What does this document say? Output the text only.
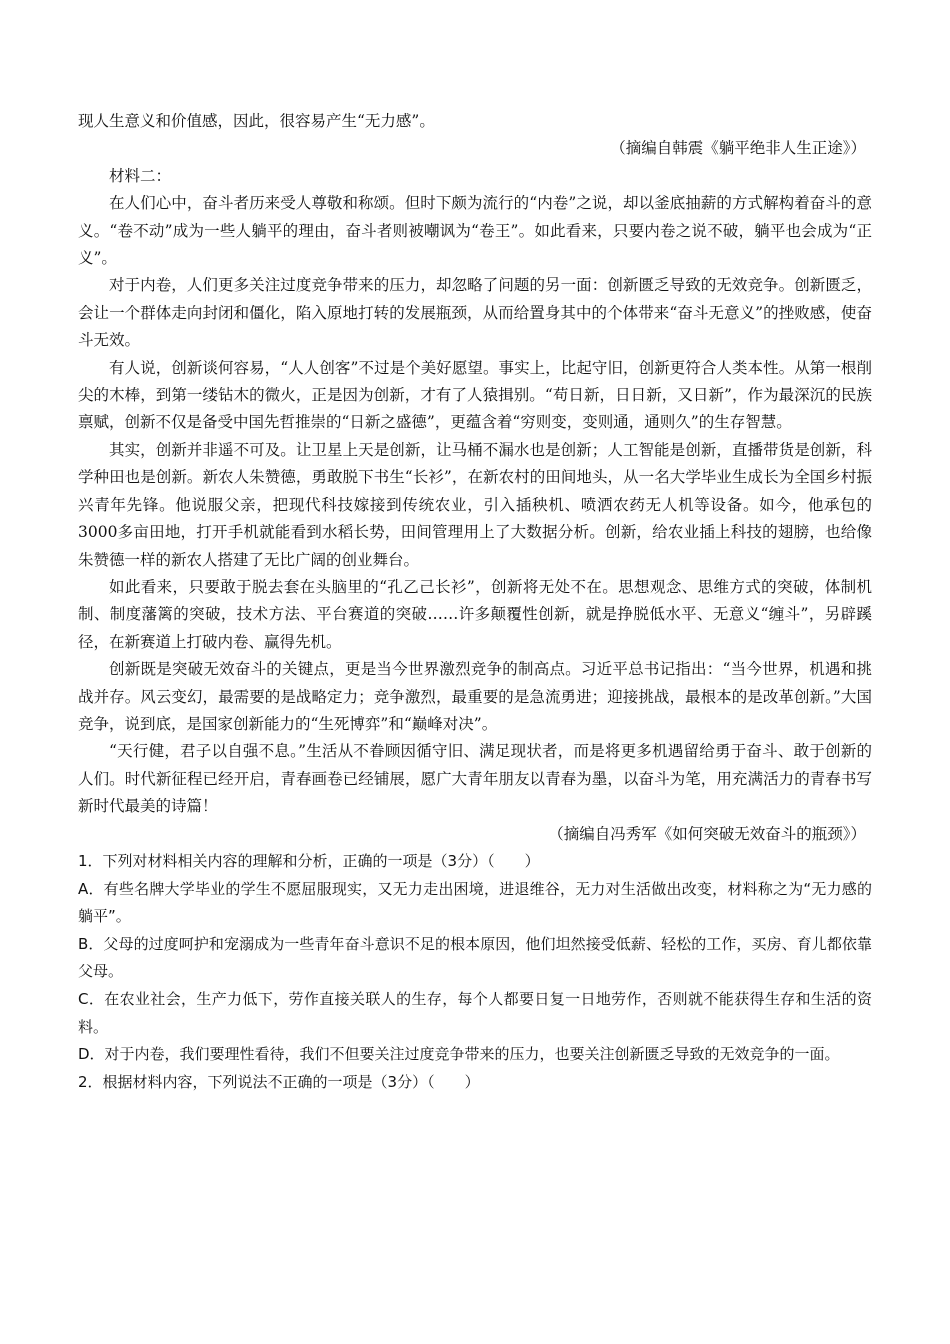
现人生意义和价值感，因此，很容易产生“无力感”。

（摘编自韩震《躺平绝非人生正途》）

材料二：

在人们心中，奋斗者历来受人尊敬和称颂。但时下颇为流行的“内卷”之说，却以釜底抽薪的方式解构着奋斗的意义。“卷不动”成为一些人躺平的理由，奋斗者则被嘲讽为“卷王”。如此看来，只要内卷之说不破，躺平也会成为“正义”。

对于内卷，人们更多关注过度竞争带来的压力，却忽略了问题的另一面：创新匮乏导致的无效竞争。创新匮乏，会让一个群体走向封闭和僵化，陷入原地打转的发展瓶颈，从而给置身其中的个体带来“奋斗无意义”的挫败感，使奋斗无效。

有人说，创新谈何容易，“人人创客”不过是个美好愿望。事实上，比起守旧，创新更符合人类本性。从第一根削尖的木棒，到第一缕钻木的微火，正是因为创新，才有了人猿揖别。“苟日新，日日新，又日新”，作为最深沉的民族禀赋，创新不仅是备受中国先哲推崇的“日新之盛德”，更蕴含着“穷则变，变则通，通则久”的生存智慧。

其实，创新并非遥不可及。让卫星上天是创新，让马桶不漏水也是创新；人工智能是创新，直播带货是创新，科学种田也是创新。新农人朱赞德，勇敢脱下书生“长衫”，在新农村的田间地头，从一名大学毕业生成长为全国乡村振兴青年先锋。他说服父亲，把现代科技嫁接到传统农业，引入插秧机、喷洒农药无人机等设备。如今，他承包的3000多亩田地，打开手机就能看到水稻长势，田间管理用上了大数据分析。创新，给农业插上科技的翅膀，也给像朱赞德一样的新农人搭建了无比广阔的创业舞台。

如此看来，只要敢于脱去套在头脑里的“孔乙己长衫”，创新将无处不在。思想观念、思维方式的突破，体制机制、制度藩篱的突破，技术方法、平台赛道的突破……许多颠覆性创新，就是挣脱低水平、无意义“缠斗”，另辟蹊径，在新赛道上打破内卷、赢得先机。

创新既是突破无效奋斗的关键点，更是当今世界激烈竞争的制高点。习近平总书记指出：“当今世界，机遇和挑战并存。风云变幻，最需要的是战略定力；竞争激烈，最重要的是急流勇进；迎接挑战，最根本的是改革创新。”大国竞争，说到底，是国家创新能力的“生死博弈”和“巅峰对决”。

“天行健，君子以自强不息。”生活从不眷顾因循守旧、满足现状者，而是将更多机遇留给勇于奋斗、敢于创新的人们。时代新征程已经开启，青春画卷已经铺展，愿广大青年朋友以青春为墨，以奋斗为笔，用充满活力的青春书写新时代最美的诗篇！

（摘编自冯秀军《如何突破无效奋斗的瓶颈》）

1．下列对材料相关内容的理解和分析，正确的一项是（3分）（　　）

A．有些名牌大学毕业的学生不愿屈服现实，又无力走出困境，进退维谷，无力对生活做出改变，材料称之为“无力感的躺平”。

B．父母的过度呵护和宠溺成为一些青年奋斗意识不足的根本原因，他们坦然接受低薪、轻松的工作，买房、育儿都依靠父母。

C．在农业社会，生产力低下，劳作直接关联人的生存，每个人都要日复一日地劳作，否则就不能获得生存和生活的资料。

D．对于内卷，我们要理性看待，我们不但要关注过度竞争带来的压力，也要关注创新匮乏导致的无效竞争的一面。

2．根据材料内容，下列说法不正确的一项是（3分）（　　）
